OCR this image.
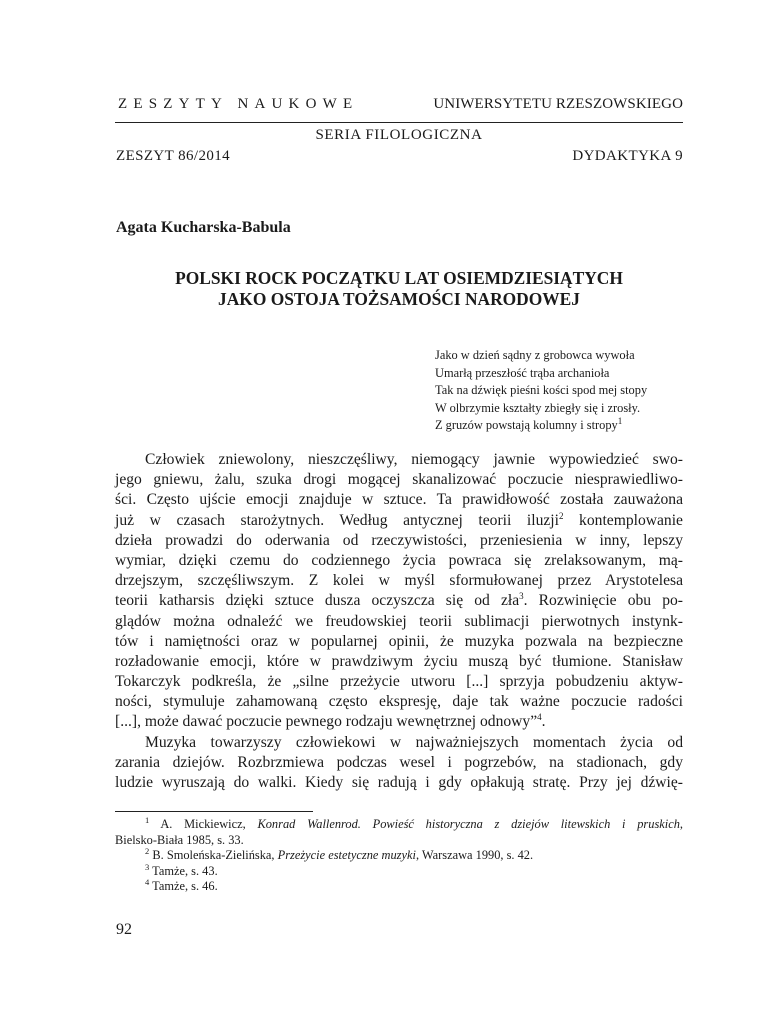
ZESZYTY NAUKOWE	UNIWERSYTETU RZESZOWSKIEGO
SERIA FILOLOGICZNA
ZESZYT 86/2014	DYDAKTYKA 9
Agata Kucharska-Babula
POLSKI ROCK POCZĄTKU LAT OSIEMDZIESIĄTYCH
JAKO OSTOJA TOŻSAMOŚCI NARODOWEJ
Jako w dzień sądny z grobowca wywoła
Umarłą przeszłość trąba archanioła
Tak na dźwięk pieśni kości spod mej stopy
W olbrzymie kształty zbiegły się i zrosły.
Z gruzów powstają kolumny i stropy$^1$
Człowiek zniewolony, nieszczęśliwy, niemogący jawnie wypowiedzieć swo-
jego gniewu, żalu, szuka drogi mogącej skanalizować poczucie niesprawiedliwo-
ści. Często ujście emocji znajduje w sztuce. Ta prawidłowość została zauważona
już w czasach starożytnych. Według antycznej teorii iluzji$^2$ kontemplowanie
dzieła prowadzi do oderwania od rzeczywistości, przeniesienia w inny, lepszy
wymiar, dzięki czemu do codziennego życia powraca się zrelaksowanym, mą-
drzejszym, szczęśliwszym. Z kolei w myśl sformułowanej przez Arystotelesa
teorii katharsis dzięki sztuce dusza oczyszcza się od zła$^3$. Rozwinięcie obu po-
glądów można odnaleźć we freudowskiej teorii sublimacji pierwotnych instynk-
tów i namiętności oraz w popularnej opinii, że muzyka pozwala na bezpieczne
rozładowanie emocji, które w prawdziwym życiu muszą być tłumione. Stanisław
Tokarczyk podkreśla, że „silne przeżycie utworu [...] sprzyja pobudzeniu aktyw-
ności, stymuluje zahamowaną często ekspresję, daje tak ważne poczucie radości
[...], może dawać poczucie pewnego rodzaju wewnętrznej odnowy”$^4$.
Muzyka towarzyszy człowiekowi w najważniejszych momentach życia od
zarania dziejów. Rozbrzmiewa podczas wesel i pogrzebów, na stadionach, gdy
ludzie wyruszają do walki. Kiedy się radują i gdy opłakują stratę. Przy jej dźwię-
$^1$ A. Mickiewicz, Konrad Wallenrod. Powieść historyczna z dziejów litewskich i pruskich,
Bielsko-Biała 1985, s. 33.
$^2$ B. Smoleńska-Zielińska, Przeżycie estetyczne muzyki, Warszawa 1990, s. 42.
$^3$ Tamże, s. 43.
$^4$ Tamże, s. 46.
92
